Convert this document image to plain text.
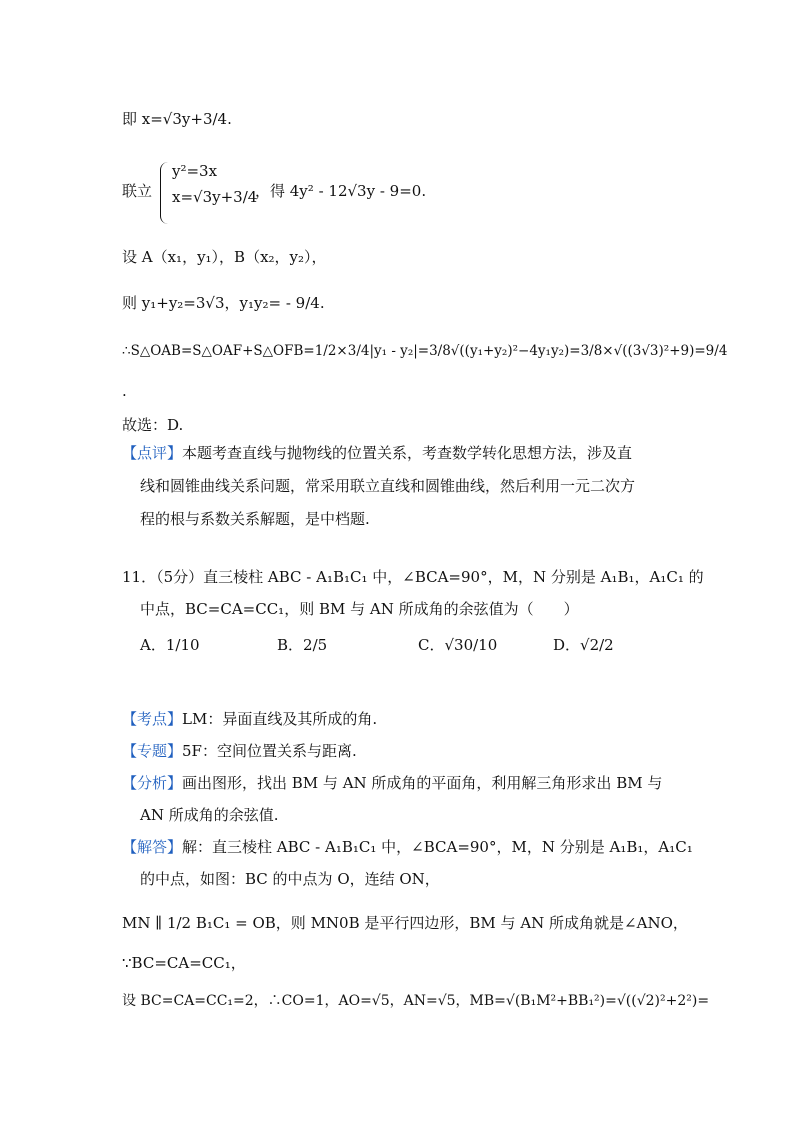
即 x=√3y+3/4.
联立
y²=3x
x=√3y+3/4
，得 4y² - 12√3y - 9=0.
设 A（x₁，y₁），B（x₂，y₂），
则 y₁+y₂=3√3，y₁y₂= - 9/4.
∴S△OAB=S△OAF+S△OFB=1/2×3/4|y₁ - y₂|=3/8√((y₁+y₂)²−4y₁y₂)=3/8×√((3√3)²+9)=9/4
.
故选：D.
【点评】本题考查直线与抛物线的位置关系，考查数学转化思想方法，涉及直
线和圆锥曲线关系问题，常采用联立直线和圆锥曲线，然后利用一元二次方
程的根与系数关系解题，是中档题.
11．（5分）直三棱柱 ABC - A₁B₁C₁ 中，∠BCA=90°，M，N 分别是 A₁B₁，A₁C₁ 的
中点，BC=CA=CC₁，则 BM 与 AN 所成角的余弦值为（　　）
A．1/10	B．2/5	C．√30/10	D．√2/2
【考点】LM：异面直线及其所成的角.
【专题】5F：空间位置关系与距离.
【分析】画出图形，找出 BM 与 AN 所成角的平面角，利用解三角形求出 BM 与
AN 所成角的余弦值.
【解答】解：直三棱柱 ABC - A₁B₁C₁ 中，∠BCA=90°，M，N 分别是 A₁B₁，A₁C₁
的中点，如图：BC 的中点为 O，连结 ON，
MN ∥ 1/2 B₁C₁ = OB，则 MN0B 是平行四边形，BM 与 AN 所成角就是∠ANO，
∵BC=CA=CC₁，
设 BC=CA=CC₁=2，∴CO=1，AO=√5，AN=√5，MB=√(B₁M²+BB₁²)=√((√2)²+2²)=
